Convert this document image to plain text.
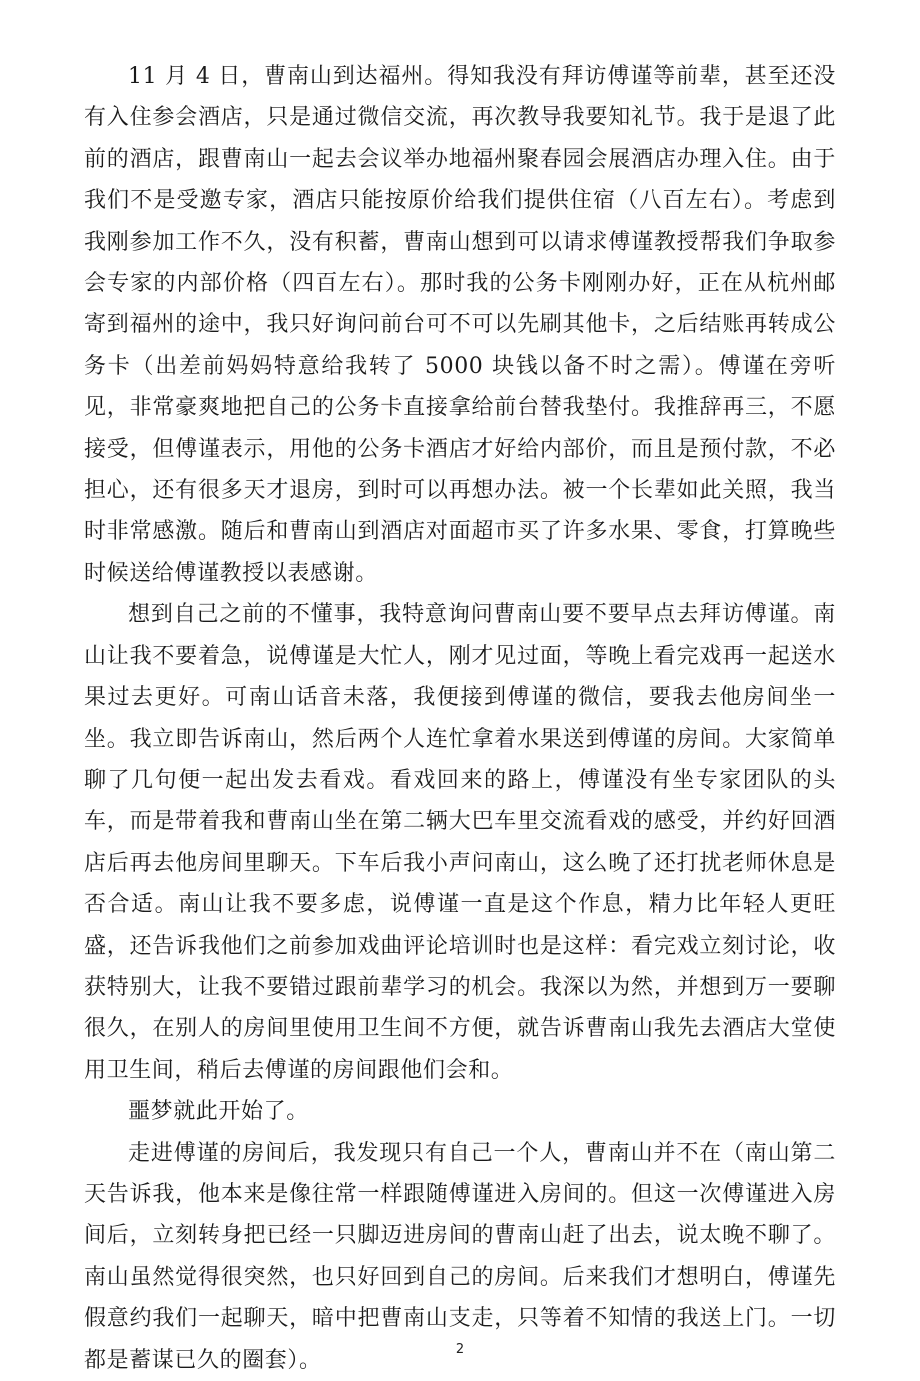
11 月 4 日，曹南山到达福州。得知我没有拜访傅谨等前辈，甚至还没有入住参会酒店，只是通过微信交流，再次教导我要知礼节。我于是退了此前的酒店，跟曹南山一起去会议举办地福州聚春园会展酒店办理入住。由于我们不是受邀专家，酒店只能按原价给我们提供住宿（八百左右）。考虑到我刚参加工作不久，没有积蓄，曹南山想到可以请求傅谨教授帮我们争取参会专家的内部价格（四百左右）。那时我的公务卡刚刚办好，正在从杭州邮寄到福州的途中，我只好询问前台可不可以先刷其他卡，之后结账再转成公务卡（出差前妈妈特意给我转了 5000 块钱以备不时之需）。傅谨在旁听见，非常豪爽地把自己的公务卡直接拿给前台替我垫付。我推辞再三，不愿接受，但傅谨表示，用他的公务卡酒店才好给内部价，而且是预付款，不必担心，还有很多天才退房，到时可以再想办法。被一个长辈如此关照，我当时非常感激。随后和曹南山到酒店对面超市买了许多水果、零食，打算晚些时候送给傅谨教授以表感谢。

想到自己之前的不懂事，我特意询问曹南山要不要早点去拜访傅谨。南山让我不要着急，说傅谨是大忙人，刚才见过面，等晚上看完戏再一起送水果过去更好。可南山话音未落，我便接到傅谨的微信，要我去他房间坐一坐。我立即告诉南山，然后两个人连忙拿着水果送到傅谨的房间。大家简单聊了几句便一起出发去看戏。看戏回来的路上，傅谨没有坐专家团队的头车，而是带着我和曹南山坐在第二辆大巴车里交流看戏的感受，并约好回酒店后再去他房间里聊天。下车后我小声问南山，这么晚了还打扰老师休息是否合适。南山让我不要多虑，说傅谨一直是这个作息，精力比年轻人更旺盛，还告诉我他们之前参加戏曲评论培训时也是这样：看完戏立刻讨论，收获特别大，让我不要错过跟前辈学习的机会。我深以为然，并想到万一要聊很久，在别人的房间里使用卫生间不方便，就告诉曹南山我先去酒店大堂使用卫生间，稍后去傅谨的房间跟他们会和。

噩梦就此开始了。

走进傅谨的房间后，我发现只有自己一个人，曹南山并不在（南山第二天告诉我，他本来是像往常一样跟随傅谨进入房间的。但这一次傅谨进入房间后，立刻转身把已经一只脚迈进房间的曹南山赶了出去，说太晚不聊了。南山虽然觉得很突然，也只好回到自己的房间。后来我们才想明白，傅谨先假意约我们一起聊天，暗中把曹南山支走，只等着不知情的我送上门。一切都是蓄谋已久的圈套）。	2
